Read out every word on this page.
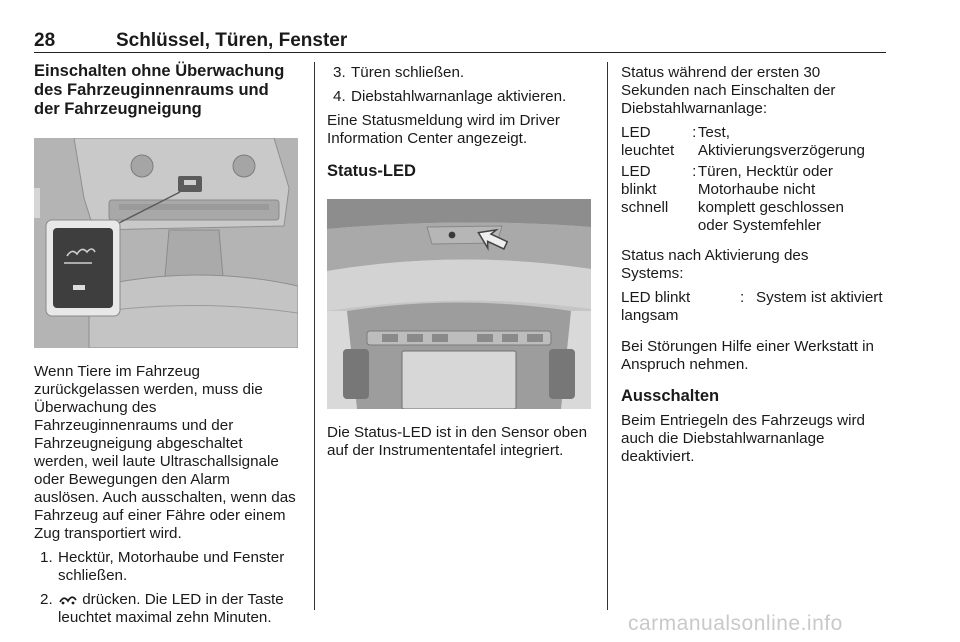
28	Schlüssel, Türen, Fenster

Einschalten ohne Überwachung des Fahrzeuginnenraums und der Fahrzeugneigung

Wenn Tiere im Fahrzeug zurückgelassen werden, muss die Überwachung des Fahrzeuginnenraums und der Fahrzeugneigung abgeschaltet werden, weil laute Ultraschallsignale oder Bewegungen den Alarm auslösen. Auch ausschalten, wenn das Fahrzeug auf einer Fähre oder einem Zug transportiert wird.

1. Hecktür, Motorhaube und Fenster schließen.
2. drücken. Die LED in der Taste leuchtet maximal zehn Minuten.
3. Türen schließen.
4. Diebstahlwarnanlage aktivieren.

Eine Statusmeldung wird im Driver Information Center angezeigt.

Status-LED

Die Status-LED ist in den Sensor oben auf der Instrumententafel integriert.

Status während der ersten 30 Sekunden nach Einschalten der Diebstahlwarnanlage:

LED leuchtet	:	Test, Aktivierungsverzögerung
LED blinkt schnell	:	Türen, Hecktür oder Motorhaube nicht komplett geschlossen oder Systemfehler

Status nach Aktivierung des Systems:

LED blinkt langsam	:	System ist aktiviert

Bei Störungen Hilfe einer Werkstatt in Anspruch nehmen.

Ausschalten

Beim Entriegeln des Fahrzeugs wird auch die Diebstahlwarnanlage deaktiviert.

carmanualsonline.info
